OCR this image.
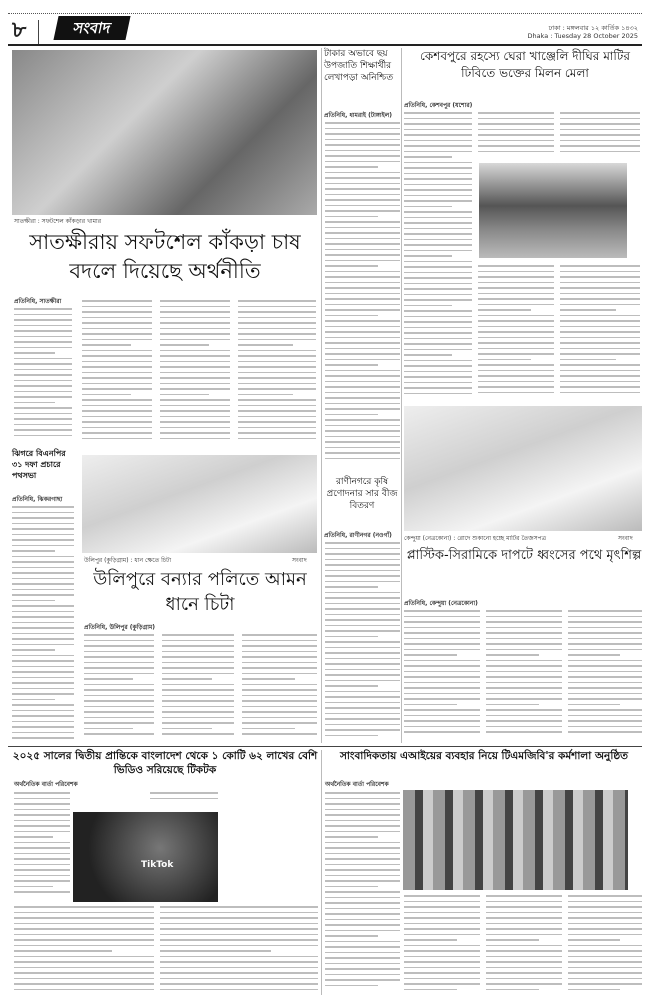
৮	সংবাদ	ঢাকা : মঙ্গলবার ১২ কার্তিক ১৪৩২
Dhaka : Tuesday 28 October 2025
সাতক্ষীরা : সফটশেল কাঁকড়ার খামার
সাতক্ষীরায় সফটশেল কাঁকড়া চাষ বদলে দিয়েছে অর্থনীতি
প্রতিনিধি, সাতক্ষীরা
ঝিগরে বিএনপির ৩১ দফা প্রচারে পথসভা
প্রতিনিধি, ঝিকরগাছা
উলিপুর (কুড়িগ্রাম) : ধান ক্ষেতে চিটা	সংবাদ
উলিপুরে বন্যার পলিতে আমন ধানে চিটা
প্রতিনিধি, উলিপুর (কুড়িগ্রাম)
টাকার অভাবে ছয় উপজাতি শিক্ষার্থীর লেখাপড়া অনিশ্চিত
প্রতিনিধি, ধামরাই (টাঙ্গাইল)
রাণীনগরে কৃষি প্রণোদনার সার বীজ বিতরণ
প্রতিনিধি, রাণীনগর (নওগাঁ)
কেশবপুরে রহস্যে ঘেরা খাঞ্জেলি দীঘির মাটির ঢিবিতে ভক্তের মিলন মেলা
প্রতিনিধি, কেশবপুর (যশোর)
কেন্দুয়া (নেত্রকোনা) : রোদে শুকানো হচ্ছে মাটির তৈজসপত্র	সংবাদ
প্লাস্টিক-সিরামিকে দাপটে ধ্বংসের পথে মৃৎশিল্প
প্রতিনিধি, কেন্দুয়া (নেত্রকোনা)
২০২৫ সালের দ্বিতীয় প্রান্তিকে বাংলাদেশ থেকে ১ কোটি ৬২ লাখের বেশি ভিডিও সরিয়েছে টিকটক
অর্থনৈতিক বার্তা পরিবেশক
TikTok
সাংবাদিকতায় এআইয়ের ব্যবহার নিয়ে টিএমজিবি'র কর্মশালা অনুষ্ঠিত
অর্থনৈতিক বার্তা পরিবেশক
